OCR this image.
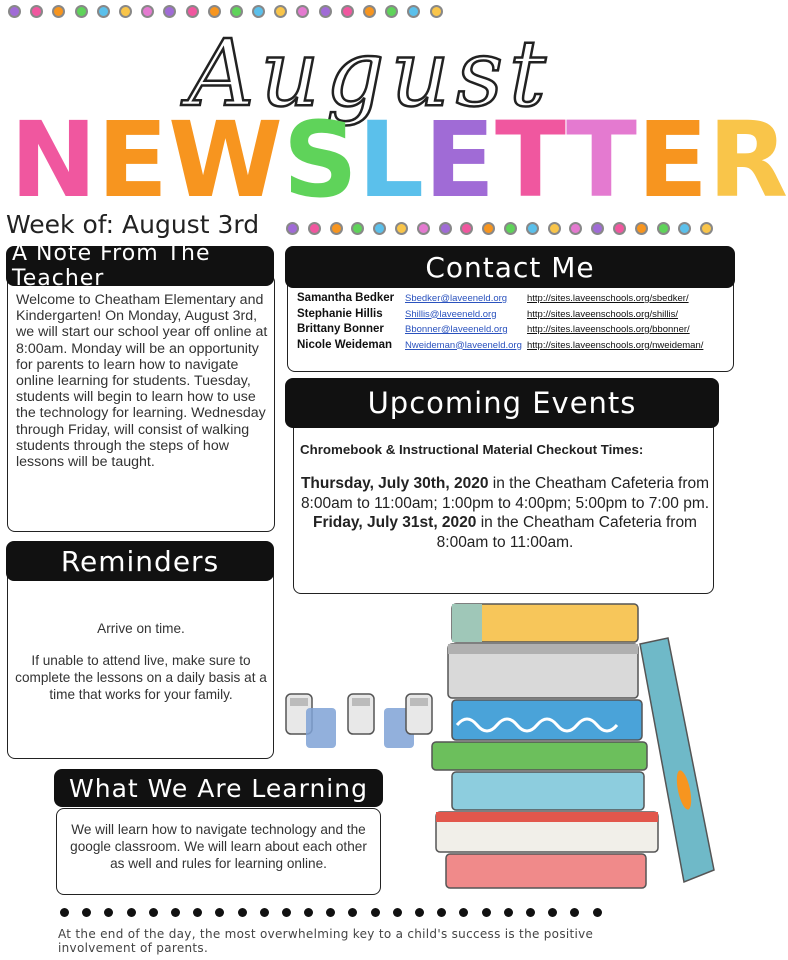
August
N E W S L E T T E R
Week of: August 3rd
A Note From The Teacher
Welcome to Cheatham Elementary and Kindergarten! On Monday, August 3rd, we will start our school year off online at 8:00am. Monday will be an opportunity for parents to learn how to navigate online learning for students. Tuesday, students will begin to learn how to use the technology for learning. Wednesday through Friday, will consist of walking students through the steps of how lessons will be taught.
Contact Me
Samantha Bedker	Sbedker@laveeneld.org	http://sites.laveenschools.org/sbedker/
Stephanie Hillis	Shillis@laveeneld.org	http://sites.laveenschools.org/shillis/
Brittany Bonner	Bbonner@laveeneld.org	http://sites.laveenschools.org/bbonner/
Nicole Weideman	Nweideman@laveeneld.org http://sites.laveenschools.org/nweideman/
Upcoming Events
Chromebook & Instructional Material Checkout Times:
Thursday, July 30th, 2020 in the Cheatham Cafeteria from 8:00am to 11:00am; 1:00pm to 4:00pm; 5:00pm to 7:00 pm.
Friday, July 31st, 2020 in the Cheatham Cafeteria from 8:00am to 11:00am.
Reminders

Arrive on time.

If unable to attend live, make sure to complete the lessons on a daily basis at a time that works for your family.

What We Are Learning
We will learn how to navigate technology and the google classroom. We will learn about each other as well and rules for learning online.
At the end of the day, the most overwhelming key to a child's success is the positive involvement of parents.
